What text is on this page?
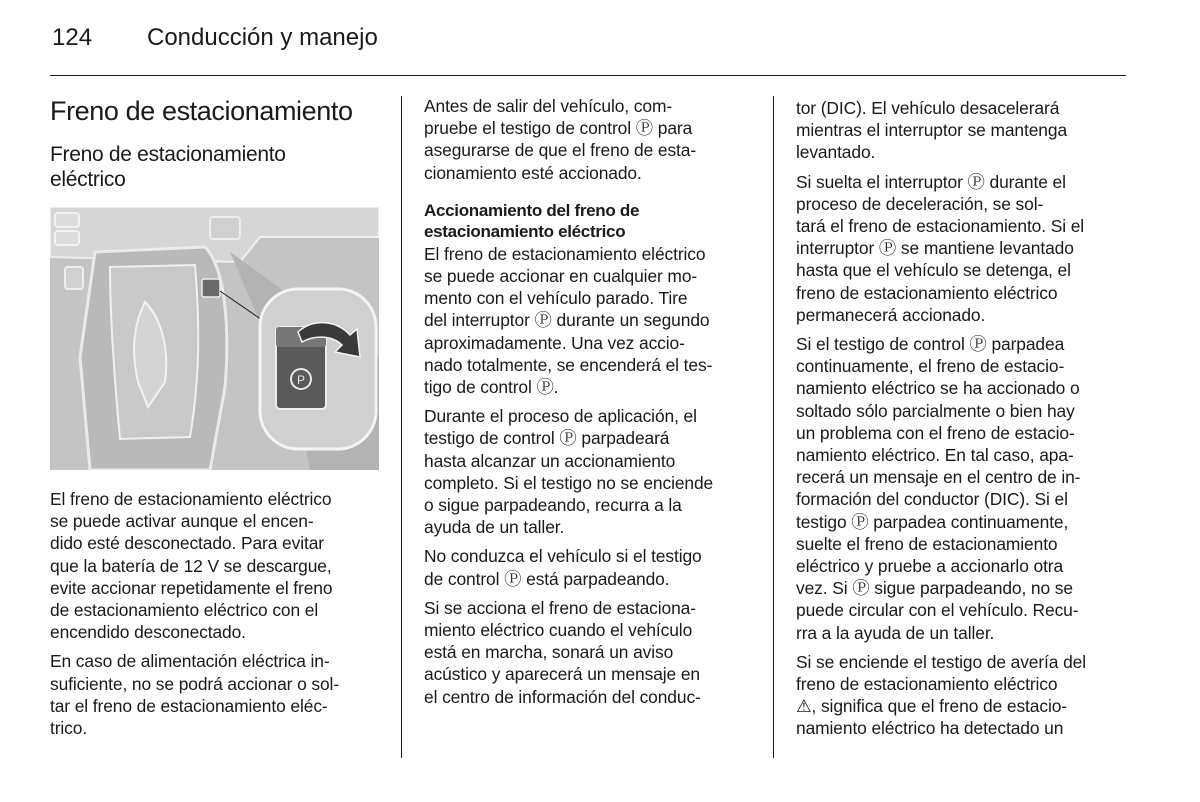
124 Conducción y manejo
Freno de estacionamiento
Freno de estacionamiento
eléctrico
P
El freno de estacionamiento eléctrico
se puede activar aunque el encen-
dido esté desconectado. Para evitar
que la batería de 12 V se descargue,
evite accionar repetidamente el freno
de estacionamiento eléctrico con el
encendido desconectado.
En caso de alimentación eléctrica in-
suficiente, no se podrá accionar o sol-
tar el freno de estacionamiento eléc-
trico.
Antes de salir del vehículo, com-
pruebe el testigo de control Ⓟ para
asegurarse de que el freno de esta-
cionamiento esté accionado.
Accionamiento del freno de
estacionamiento eléctrico
El freno de estacionamiento eléctrico
se puede accionar en cualquier mo-
mento con el vehículo parado. Tire
del interruptor Ⓟ durante un segundo
aproximadamente. Una vez accio-
nado totalmente, se encenderá el tes-
tigo de control Ⓟ.
Durante el proceso de aplicación, el
testigo de control Ⓟ parpadeará
hasta alcanzar un accionamiento
completo. Si el testigo no se enciende
o sigue parpadeando, recurra a la
ayuda de un taller.
No conduzca el vehículo si el testigo
de control Ⓟ está parpadeando.
Si se acciona el freno de estaciona-
miento eléctrico cuando el vehículo
está en marcha, sonará un aviso
acústico y aparecerá un mensaje en
el centro de información del conduc-
tor (DIC). El vehículo desacelerará
mientras el interruptor se mantenga
levantado.
Si suelta el interruptor Ⓟ durante el
proceso de deceleración, se sol-
tará el freno de estacionamiento. Si el
interruptor Ⓟ se mantiene levantado
hasta que el vehículo se detenga, el
freno de estacionamiento eléctrico
permanecerá accionado.
Si el testigo de control Ⓟ parpadea
continuamente, el freno de estacio-
namiento eléctrico se ha accionado o
soltado sólo parcialmente o bien hay
un problema con el freno de estacio-
namiento eléctrico. En tal caso, apa-
recerá un mensaje en el centro de in-
formación del conductor (DIC). Si el
testigo Ⓟ parpadea continuamente,
suelte el freno de estacionamiento
eléctrico y pruebe a accionarlo otra
vez. Si Ⓟ sigue parpadeando, no se
puede circular con el vehículo. Recu-
rra a la ayuda de un taller.
Si se enciende el testigo de avería del
freno de estacionamiento eléctrico
⚠, significa que el freno de estacio-
namiento eléctrico ha detectado un
